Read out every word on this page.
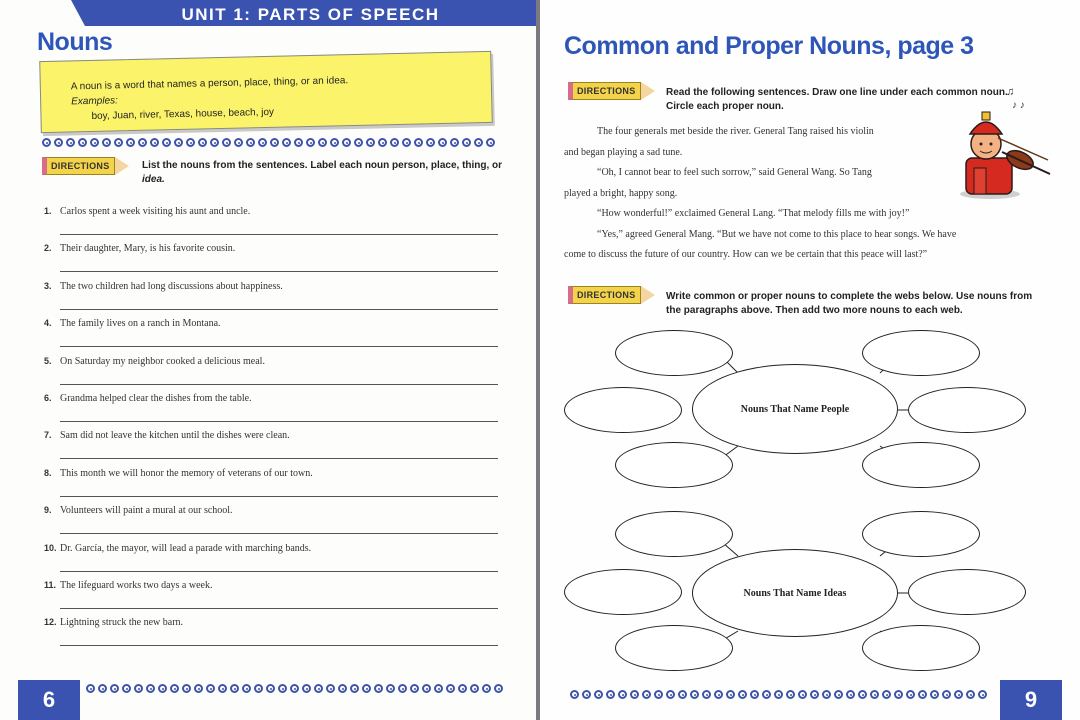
UNIT 1: PARTS OF SPEECH
Nouns
A noun is a word that names a person, place, thing, or an idea.
Examples:
boy, Juan, river, Texas, house, beach, joy
DIRECTIONS	List the nouns from the sentences. Label each noun person, place, thing, or
idea.
1. Carlos spent a week visiting his aunt and uncle.
2. Their daughter, Mary, is his favorite cousin.
3. The two children had long discussions about happiness.
4. The family lives on a ranch in Montana.
5. On Saturday my neighbor cooked a delicious meal.
6. Grandma helped clear the dishes from the table.
7. Sam did not leave the kitchen until the dishes were clean.
8. This month we will honor the memory of veterans of our town.
9. Volunteers will paint a mural at our school.
10. Dr. García, the mayor, will lead a parade with marching bands.
11. The lifeguard works two days a week.
12. Lightning struck the new barn.
6
Common and Proper Nouns, page 3
DIRECTIONS	Read the following sentences. Draw one line under each common noun.
Circle each proper noun.
♫
♪ ♪

The four generals met beside the river. General Tang raised his violin

and began playing a sad tune.

“Oh, I cannot bear to feel such sorrow,” said General Wang. So Tang

played a bright, happy song.

“How wonderful!” exclaimed General Lang. “That melody fills me with joy!”

“Yes,” agreed General Mang. “But we have not come to this place to hear songs. We have

come to discuss the future of our country. How can we be certain that this peace will last?”

DIRECTIONS	Write common or proper nouns to complete the webs below. Use nouns from
the paragraphs above. Then add two more nouns to each web.
Nouns That Name People
Nouns That Name Ideas
9
